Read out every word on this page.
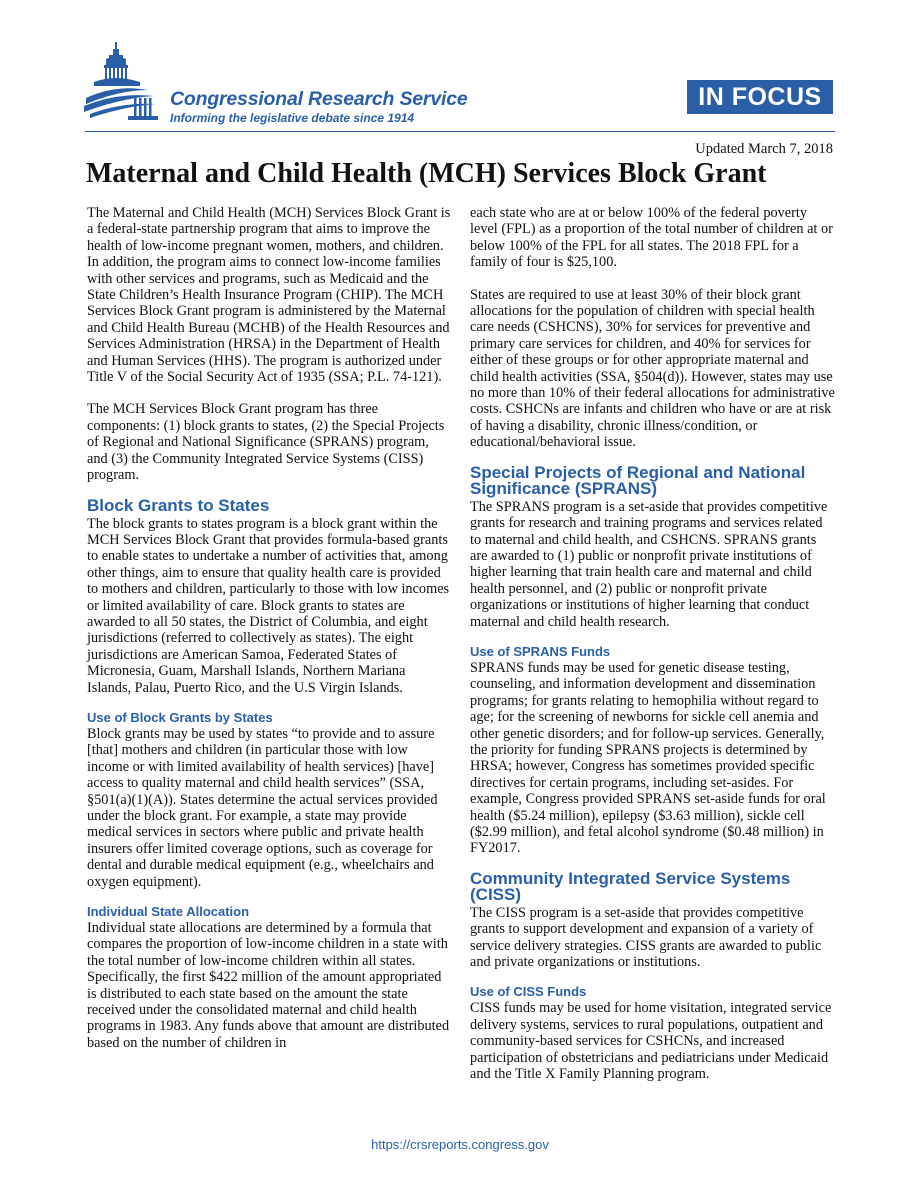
Congressional Research Service
Informing the legislative debate since 1914
IN FOCUS
Updated March 7, 2018
Maternal and Child Health (MCH) Services Block Grant

The Maternal and Child Health (MCH) Services Block Grant is a federal-state partnership program that aims to improve the health of low-income pregnant women, mothers, and children. In addition, the program aims to connect low-income families with other services and programs, such as Medicaid and the State Children’s Health Insurance Program (CHIP). The MCH Services Block Grant program is administered by the Maternal and Child Health Bureau (MCHB) of the Health Resources and Services Administration (HRSA) in the Department of Health and Human Services (HHS). The program is authorized under Title V of the Social Security Act of 1935 (SSA; P.L. 74-121).

The MCH Services Block Grant program has three components: (1) block grants to states, (2) the Special Projects of Regional and National Significance (SPRANS) program, and (3) the Community Integrated Service Systems (CISS) program.

Block Grants to States

The block grants to states program is a block grant within the MCH Services Block Grant that provides formula-based grants to enable states to undertake a number of activities that, among other things, aim to ensure that quality health care is provided to mothers and children, particularly to those with low incomes or limited availability of care. Block grants to states are awarded to all 50 states, the District of Columbia, and eight jurisdictions (referred to collectively as states). The eight jurisdictions are American Samoa, Federated States of Micronesia, Guam, Marshall Islands, Northern Mariana Islands, Palau, Puerto Rico, and the U.S Virgin Islands.

Use of Block Grants by States

Block grants may be used by states “to provide and to assure [that] mothers and children (in particular those with low income or with limited availability of health services) [have] access to quality maternal and child health services” (SSA, §501(a)(1)(A)). States determine the actual services provided under the block grant. For example, a state may provide medical services in sectors where public and private health insurers offer limited coverage options, such as coverage for dental and durable medical equipment (e.g., wheelchairs and oxygen equipment).

Individual State Allocation

Individual state allocations are determined by a formula that compares the proportion of low-income children in a state with the total number of low-income children within all states. Specifically, the first $422 million of the amount appropriated is distributed to each state based on the amount the state received under the consolidated maternal and child health programs in 1983. Any funds above that amount are distributed based on the number of children in

each state who are at or below 100% of the federal poverty level (FPL) as a proportion of the total number of children at or below 100% of the FPL for all states. The 2018 FPL for a family of four is $25,100.

States are required to use at least 30% of their block grant allocations for the population of children with special health care needs (CSHCNS), 30% for services for preventive and primary care services for children, and 40% for services for either of these groups or for other appropriate maternal and child health activities (SSA, §504(d)). However, states may use no more than 10% of their federal allocations for administrative costs. CSHCNs are infants and children who have or are at risk of having a disability, chronic illness/condition, or educational/behavioral issue.

Special Projects of Regional and National Significance (SPRANS)

The SPRANS program is a set-aside that provides competitive grants for research and training programs and services related to maternal and child health, and CSHCNS. SPRANS grants are awarded to (1) public or nonprofit private institutions of higher learning that train health care and maternal and child health personnel, and (2) public or nonprofit private organizations or institutions of higher learning that conduct maternal and child health research.

Use of SPRANS Funds

SPRANS funds may be used for genetic disease testing, counseling, and information development and dissemination programs; for grants relating to hemophilia without regard to age; for the screening of newborns for sickle cell anemia and other genetic disorders; and for follow-up services. Generally, the priority for funding SPRANS projects is determined by HRSA; however, Congress has sometimes provided specific directives for certain programs, including set-asides. For example, Congress provided SPRANS set-aside funds for oral health ($5.24 million), epilepsy ($3.63 million), sickle cell ($2.99 million), and fetal alcohol syndrome ($0.48 million) in FY2017.

Community Integrated Service Systems (CISS)

The CISS program is a set-aside that provides competitive grants to support development and expansion of a variety of service delivery strategies. CISS grants are awarded to public and private organizations or institutions.

Use of CISS Funds

CISS funds may be used for home visitation, integrated service delivery systems, services to rural populations, outpatient and community-based services for CSHCNs, and increased participation of obstetricians and pediatricians under Medicaid and the Title X Family Planning program.

https://crsreports.congress.gov
